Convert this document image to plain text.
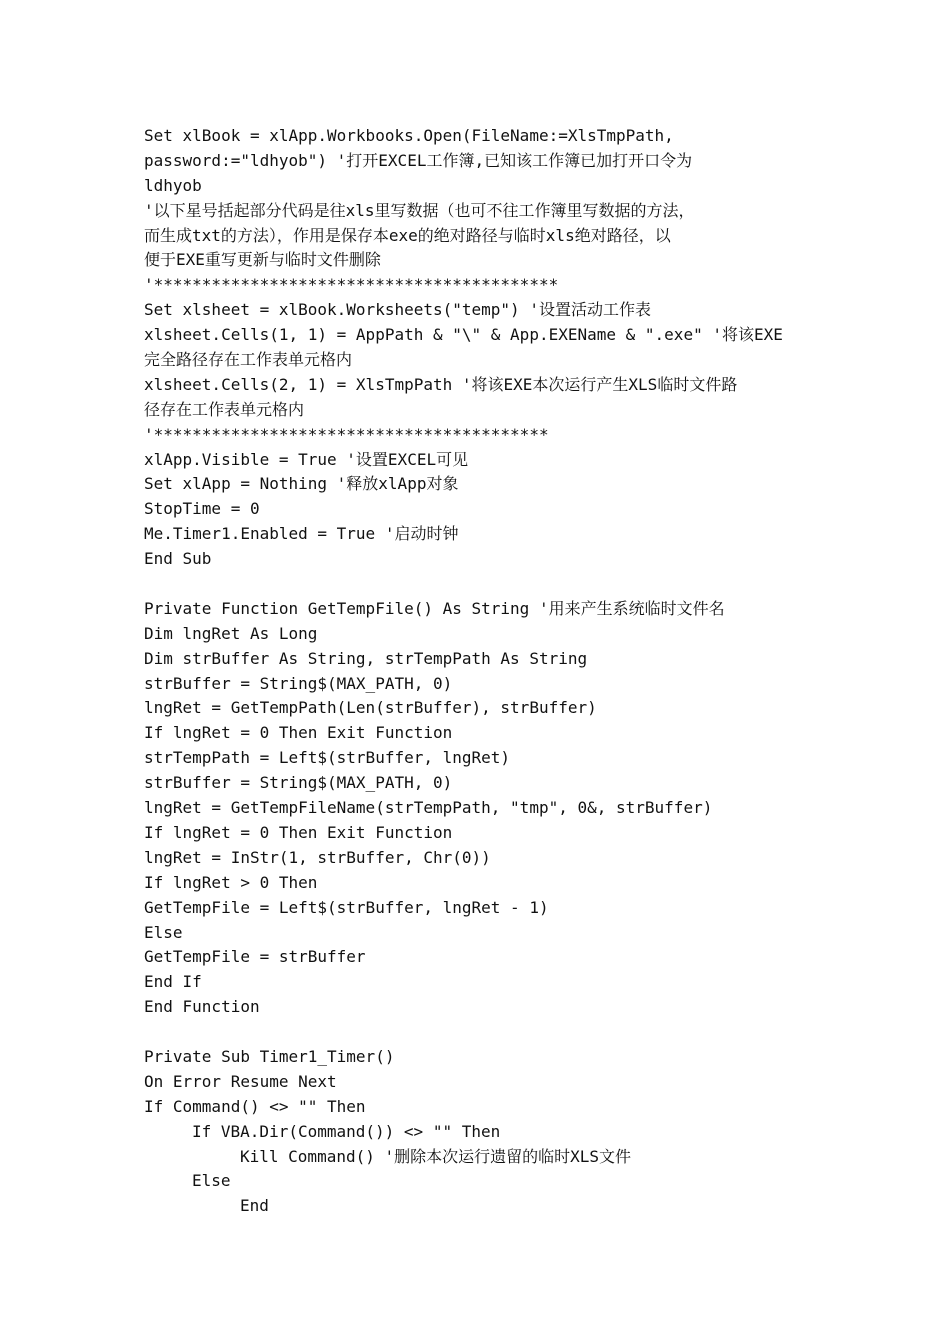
Set xlBook = xlApp.Workbooks.Open(FileName:=XlsTmpPath,
password:="ldhyob") '打开EXCEL工作簿,已知该工作簿已加打开口令为
ldhyob
'以下星号括起部分代码是往xls里写数据（也可不往工作簿里写数据的方法，
而生成txt的方法），作用是保存本exe的绝对路径与临时xls绝对路径，以
便于EXE重写更新与临时文件删除
'******************************************
Set xlsheet = xlBook.Worksheets("temp") '设置活动工作表
xlsheet.Cells(1, 1) = AppPath & "\" & App.EXEName & ".exe" '将该EXE
完全路径存在工作表单元格内
xlsheet.Cells(2, 1) = XlsTmpPath '将该EXE本次运行产生XLS临时文件路
径存在工作表单元格内
'*****************************************
xlApp.Visible = True '设置EXCEL可见
Set xlApp = Nothing '释放xlApp对象
StopTime = 0
Me.Timer1.Enabled = True '启动时钟
End Sub
Private Function GetTempFile() As String '用来产生系统临时文件名
Dim lngRet As Long
Dim strBuffer As String, strTempPath As String
strBuffer = String$(MAX_PATH, 0)
lngRet = GetTempPath(Len(strBuffer), strBuffer)
If lngRet = 0 Then Exit Function
strTempPath = Left$(strBuffer, lngRet)
strBuffer = String$(MAX_PATH, 0)
lngRet = GetTempFileName(strTempPath, "tmp", 0&, strBuffer)
If lngRet = 0 Then Exit Function
lngRet = InStr(1, strBuffer, Chr(0))
If lngRet > 0 Then
GetTempFile = Left$(strBuffer, lngRet - 1)
Else
GetTempFile = strBuffer
End If
End Function
Private Sub Timer1_Timer()
On Error Resume Next
If Command() <> "" Then
If VBA.Dir(Command()) <> "" Then
Kill Command() '删除本次运行遗留的临时XLS文件
Else
End
